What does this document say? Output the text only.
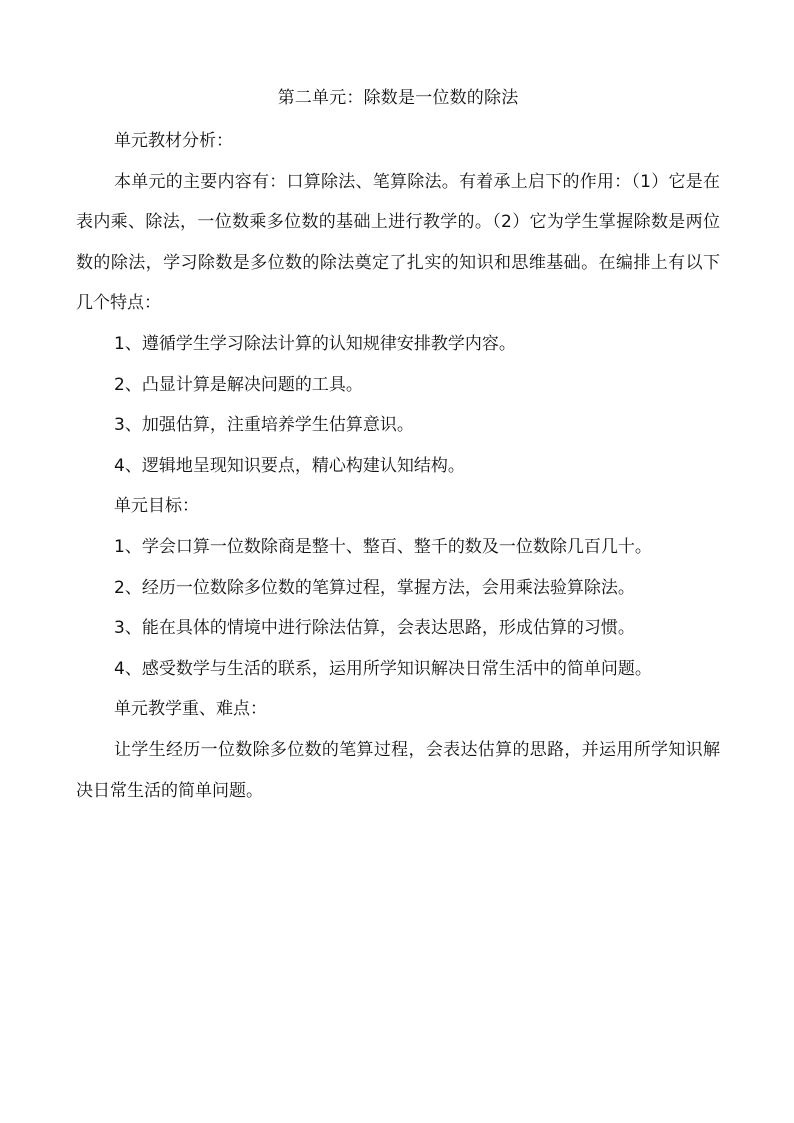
第二单元：除数是一位数的除法
单元教材分析：

本单元的主要内容有：口算除法、笔算除法。有着承上启下的作用：（1）它是在表内乘、除法，一位数乘多位数的基础上进行教学的。（2）它为学生掌握除数是两位数的除法，学习除数是多位数的除法奠定了扎实的知识和思维基础。在编排上有以下几个特点：

1、遵循学生学习除法计算的认知规律安排教学内容。
2、凸显计算是解决问题的工具。
3、加强估算，注重培养学生估算意识。
4、逻辑地呈现知识要点，精心构建认知结构。
单元目标：
1、学会口算一位数除商是整十、整百、整千的数及一位数除几百几十。
2、经历一位数除多位数的笔算过程，掌握方法，会用乘法验算除法。
3、能在具体的情境中进行除法估算，会表达思路，形成估算的习惯。
4、感受数学与生活的联系，运用所学知识解决日常生活中的简单问题。
单元教学重、难点：

让学生经历一位数除多位数的笔算过程，会表达估算的思路，并运用所学知识解决日常生活的简单问题。
